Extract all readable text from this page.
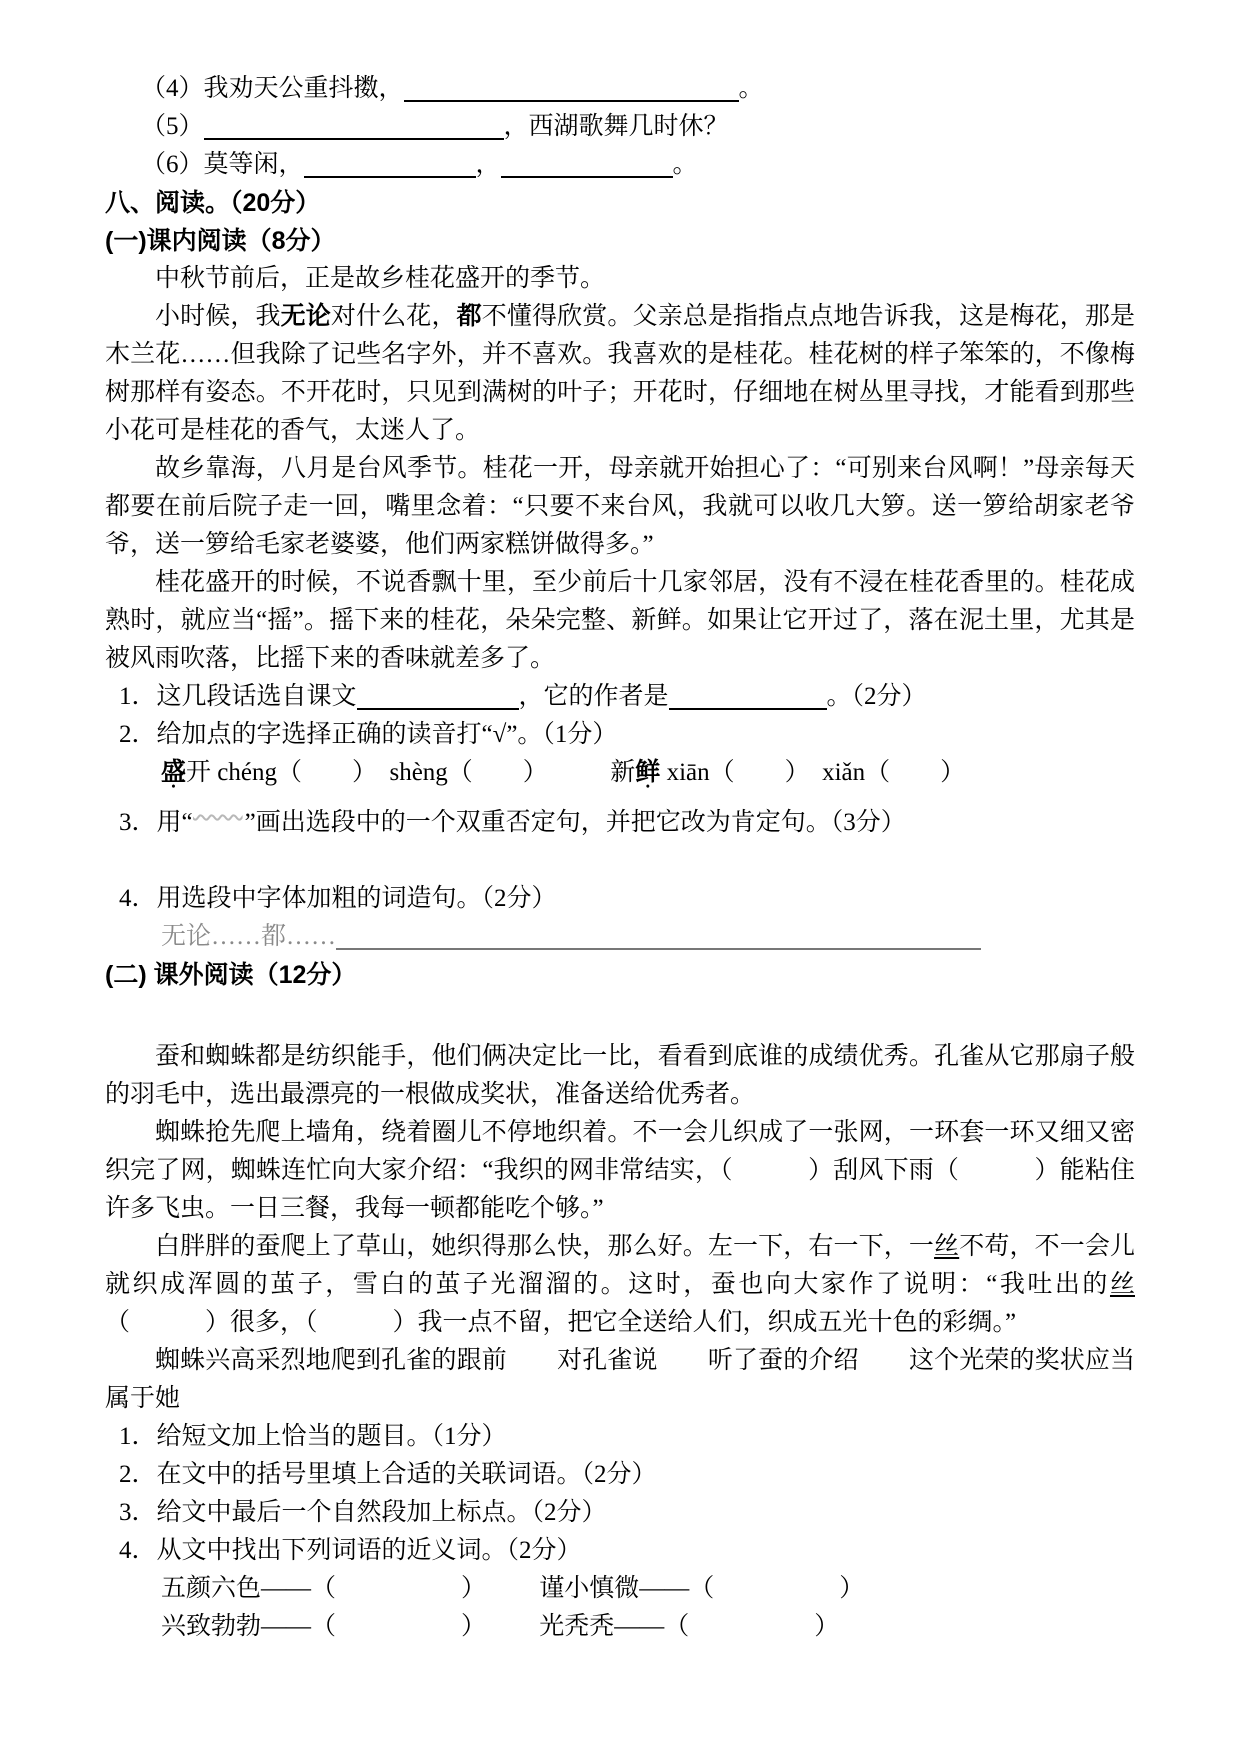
（4）我劝天公重抖擞，	。
（5）	，西湖歌舞几时休？
（6）莫等闲，	，	。
八、阅读。（20分）
(一)课内阅读（8分）

中秋节前后，正是故乡桂花盛开的季节。

小时候，我无论对什么花，都不懂得欣赏。父亲总是指指点点地告诉我，这是梅花，那是木兰花……但我除了记些名字外，并不喜欢。我喜欢的是桂花。桂花树的样子笨笨的，不像梅树那样有姿态。不开花时，只见到满树的叶子；开花时，仔细地在树丛里寻找，才能看到那些小花可是桂花的香气，太迷人了。

故乡靠海，八月是台风季节。桂花一开，母亲就开始担心了：“可别来台风啊！”母亲每天都要在前后院子走一回，嘴里念着：“只要不来台风，我就可以收几大箩。送一箩给胡家老爷爷，送一箩给毛家老婆婆，他们两家糕饼做得多。”

桂花盛开的时候，不说香飘十里，至少前后十几家邻居，没有不浸在桂花香里的。桂花成熟时，就应当“摇”。摇下来的桂花，朵朵完整、新鲜。如果让它开过了，落在泥土里，尤其是被风雨吹落，比摇下来的香味就差多了。

1．这几段话选自课文	，它的作者是	。（2分）
2．给加点的字选择正确的读音打“√”。（1分）
盛开 chéng（　　）　shèng（　　）　　　新鲜 xiān（　　）　xiǎn（　　）
3．用“ ”画出选段中的一个双重否定句，并把它改为肯定句。（3分）
4．用选段中字体加粗的词造句。（2分）
无论……都……
(二) 课外阅读（12分）

蚕和蜘蛛都是纺织能手，他们俩决定比一比，看看到底谁的成绩优秀。孔雀从它那扇子般的羽毛中，选出最漂亮的一根做成奖状，准备送给优秀者。

蜘蛛抢先爬上墙角，绕着圈儿不停地织着。不一会儿织成了一张网，一环套一环又细又密织完了网，蜘蛛连忙向大家介绍：“我织的网非常结实，（　　　）刮风下雨（　　　）能粘住许多飞虫。一日三餐，我每一顿都能吃个够。”

白胖胖的蚕爬上了草山，她织得那么快，那么好。左一下，右一下，一丝不苟，不一会儿就织成浑圆的茧子，雪白的茧子光溜溜的。这时，蚕也向大家作了说明：“我吐出的丝（　　　）很多，（　　　）我一点不留，把它全送给人们，织成五光十色的彩绸。”

蜘蛛兴高采烈地爬到孔雀的跟前　　对孔雀说　　听了蚕的介绍　　这个光荣的奖状应当属于她

1．给短文加上恰当的题目。（1分）
2．在文中的括号里填上合适的关联词语。（2分）
3．给文中最后一个自然段加上标点。（2分）
4．从文中找出下列词语的近义词。（2分）
五颜六色——（　　　　　） 谨小慎微——（　　　　　）
兴致勃勃——（　　　　　） 光秃秃——（　　　　　）
